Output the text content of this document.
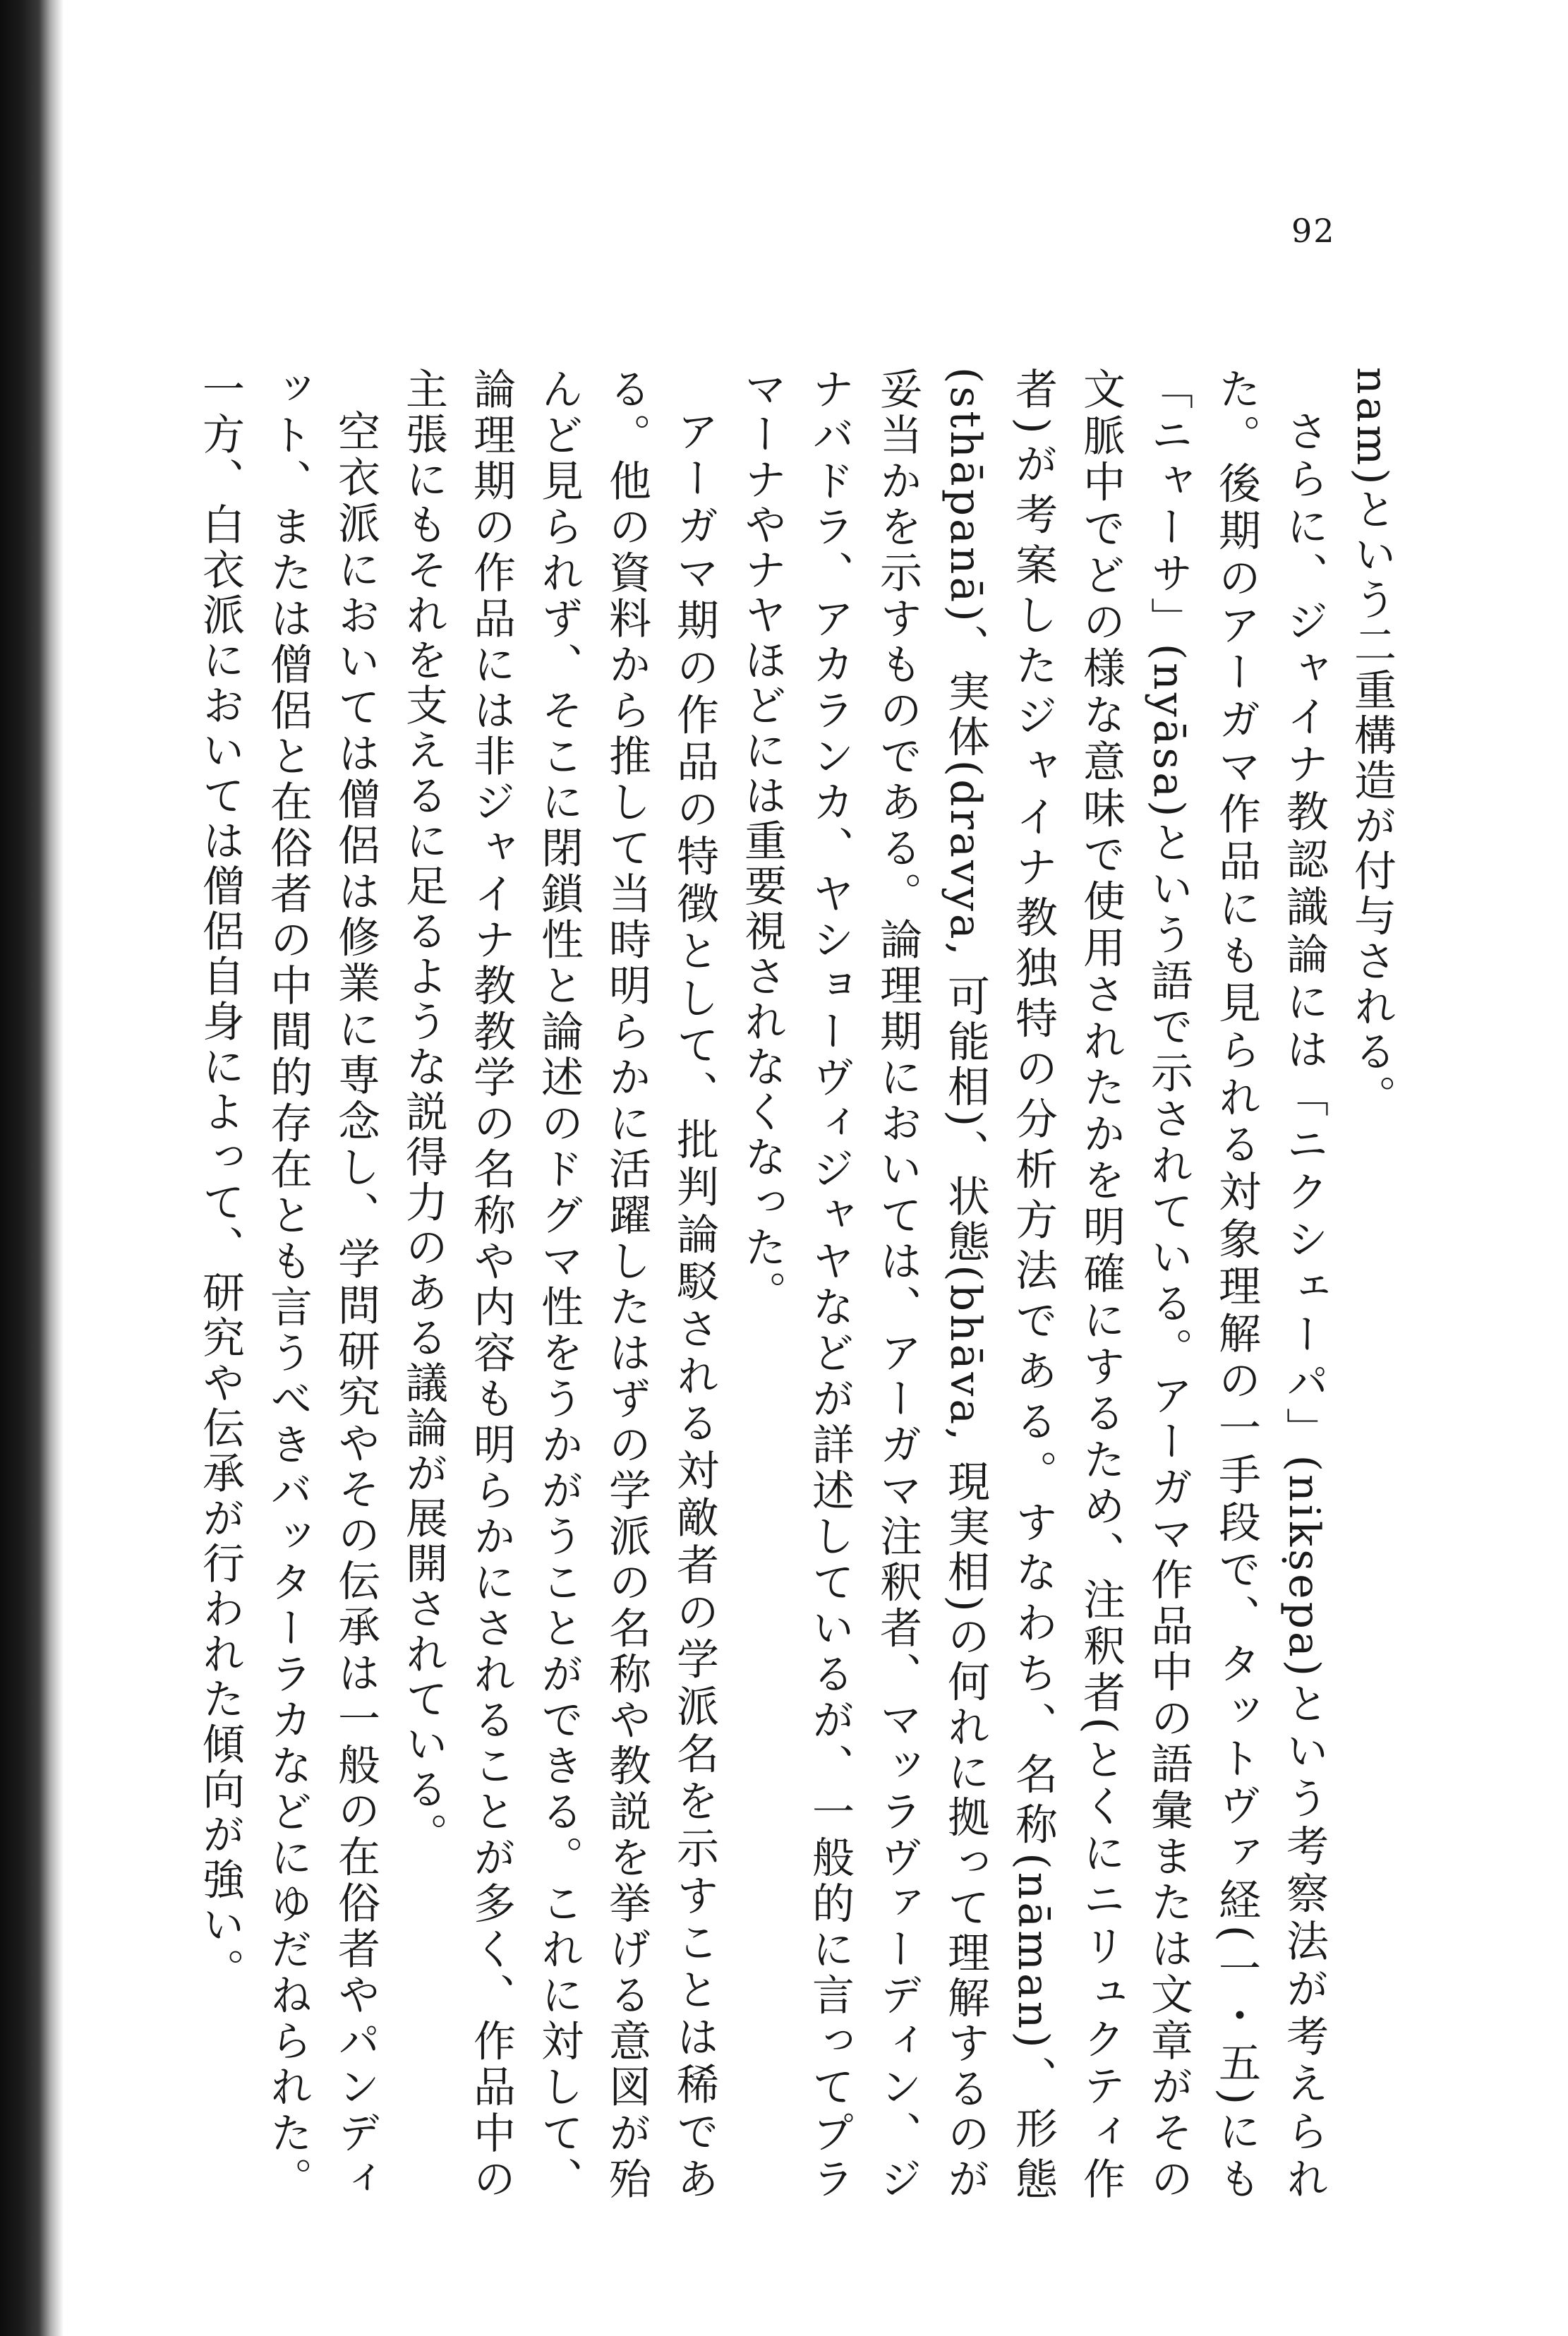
92

nam)という二重構造が付与される。

さらに、ジャイナ教認識論には「ニクシェーパ」(nikṣepa)という考察法が考えられた。後期のアーガマ作品にも見られる対象理解の一手段で、タットヴァ経(一・五)にも「ニャーサ」(nyāsa)という語で示されている。アーガマ作品中の語彙または文章がその文脈中でどの様な意味で使用されたかを明確にするため、注釈者(とくにニリュクティ作者)が考案したジャイナ教独特の分析方法である。すなわち、名称(nāman)、形態(sthāpanā)、実体(dravya, 可能相)、状態(bhāva, 現実相)の何れに拠って理解するのが妥当かを示すものである。論理期においては、アーガマ注釈者、マッラヴァーディン、ジナバドラ、アカランカ、ヤショーヴィジャヤなどが詳述しているが、一般的に言ってプラマーナやナヤほどには重要視されなくなった。

アーガマ期の作品の特徴として、批判論駁される対敵者の学派名を示すことは稀である。他の資料から推して当時明らかに活躍したはずの学派の名称や教説を挙げる意図が殆んど見られず、そこに閉鎖性と論述のドグマ性をうかがうことができる。これに対して、論理期の作品には非ジャイナ教教学の名称や内容も明らかにされることが多く、作品中の主張にもそれを支えるに足るような説得力のある議論が展開されている。

空衣派においては僧侶は修業に専念し、学問研究やその伝承は一般の在俗者やパンディット、または僧侶と在俗者の中間的存在とも言うべきバッターラカなどにゆだねられた。一方、白衣派においては僧侶自身によって、研究や伝承が行われた傾向が強い。
